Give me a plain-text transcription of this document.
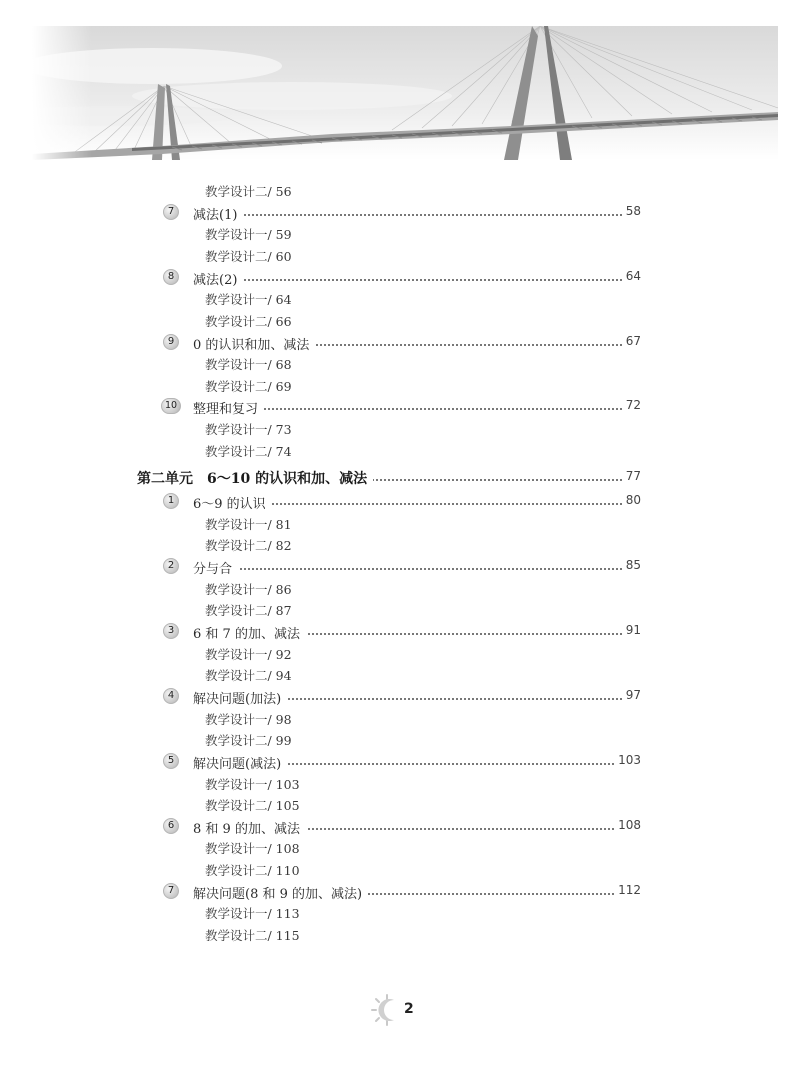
教学设计二/ 56
7	减法(1)	58
教学设计一/ 59
教学设计二/ 60
8	减法(2)	64
教学设计一/ 64
教学设计二/ 66
9	0 的认识和加、减法	67
教学设计一/ 68
教学设计二/ 69
10	整理和复习	72
教学设计一/ 73
教学设计二/ 74
第二单元　6～10 的认识和加、减法	77
1	6～9 的认识	80
教学设计一/ 81
教学设计二/ 82
2	分与合	85
教学设计一/ 86
教学设计二/ 87
3	6 和 7 的加、减法	91
教学设计一/ 92
教学设计二/ 94
4	解决问题(加法)	97
教学设计一/ 98
教学设计二/ 99
5	解决问题(减法)	103
教学设计一/ 103
教学设计二/ 105
6	8 和 9 的加、减法	108
教学设计一/ 108
教学设计二/ 110
7	解决问题(8 和 9 的加、减法)	112
教学设计一/ 113
教学设计二/ 115
2
